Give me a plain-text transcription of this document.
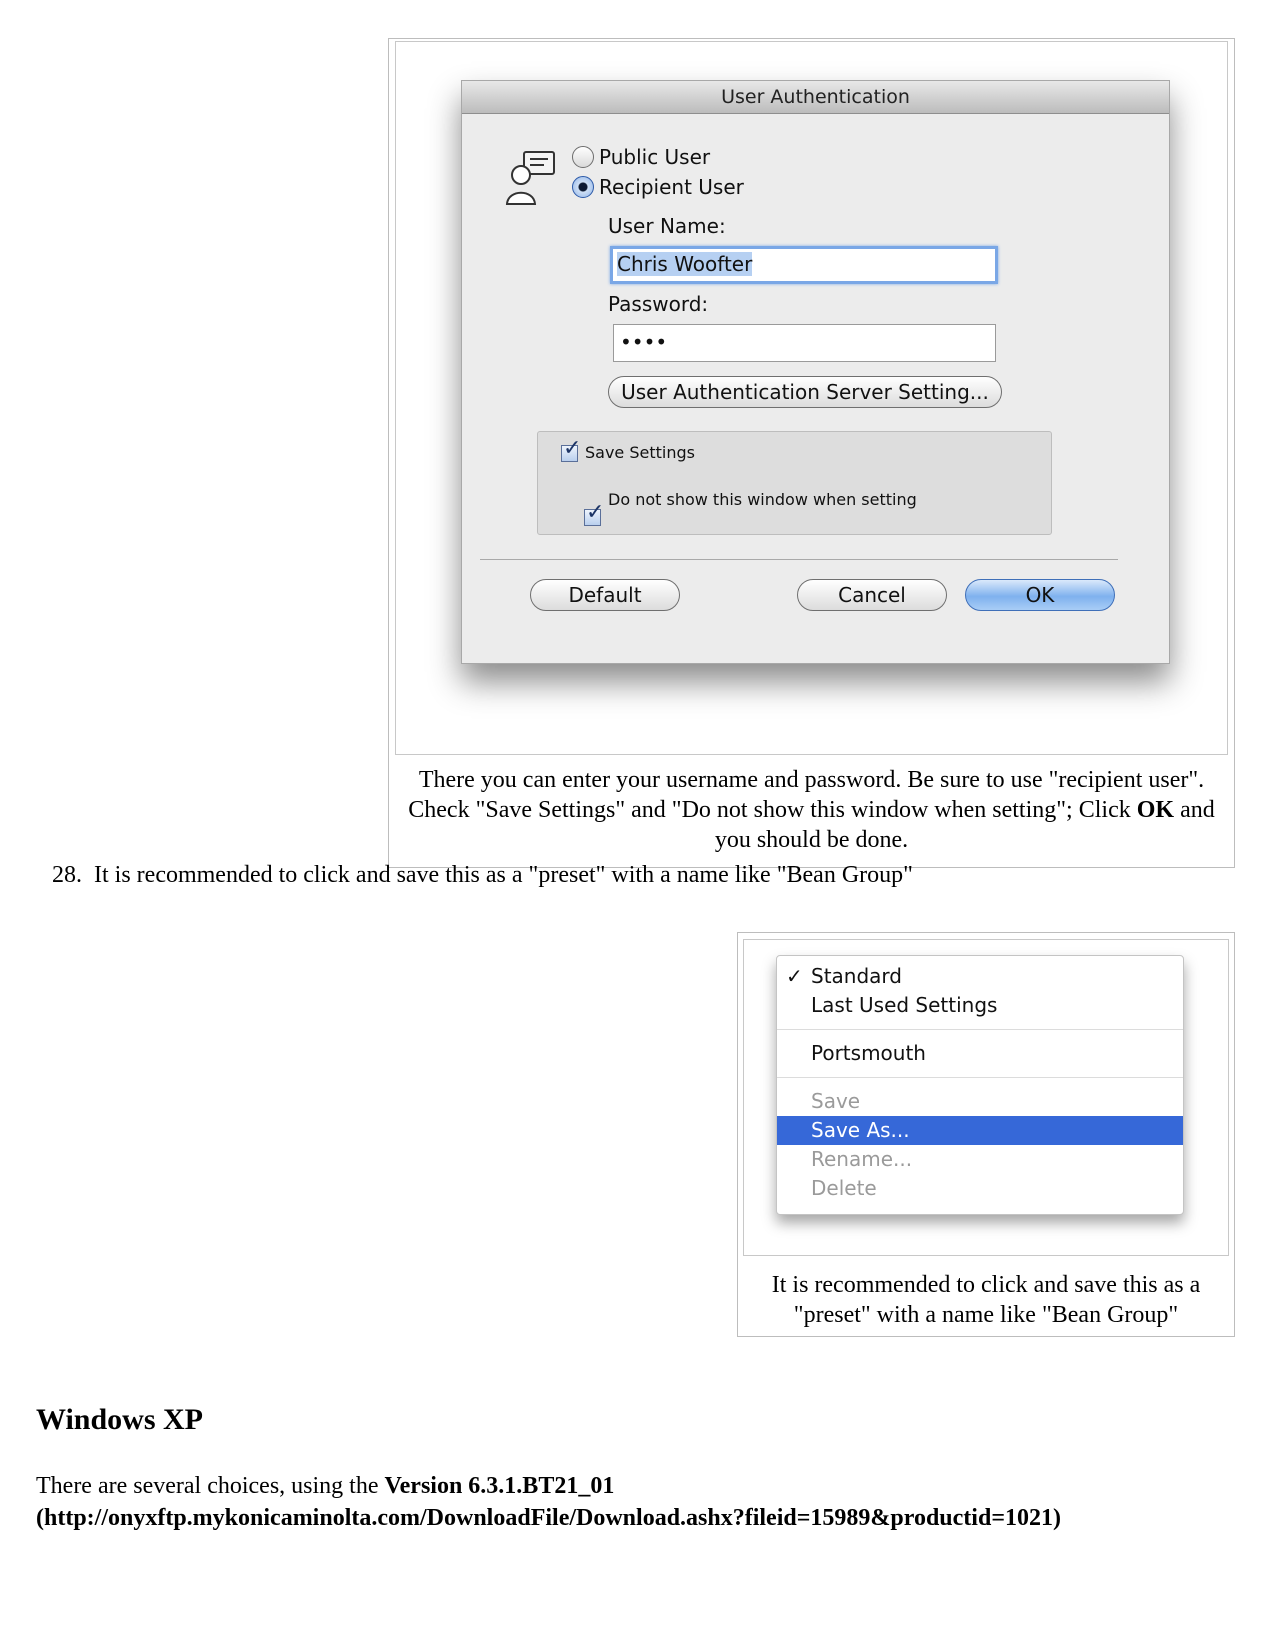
User Authentication
Public User
Recipient User
User Name:
Chris Woofter
Password:
••••
User Authentication Server Setting...
✓ Save Settings
✓
Do not show this window when setting
Default	Cancel	OK
There you can enter your username and password. Be sure to use "recipient user". Check "Save Settings" and "Do not show this window when setting"; Click OK and you should be done.
28. It is recommended to click and save this as a "preset" with a name like "Bean Group"
✓ Standard
Last Used Settings
Portsmouth
Save
Save As...
Rename...
Delete
It is recommended to click and save this as a "preset" with a name like "Bean Group"
Windows XP
There are several choices, using the Version 6.3.1.BT21_01
(http://onyxftp.mykonicaminolta.com/DownloadFile/Download.ashx?fileid=15989&productid=1021)
